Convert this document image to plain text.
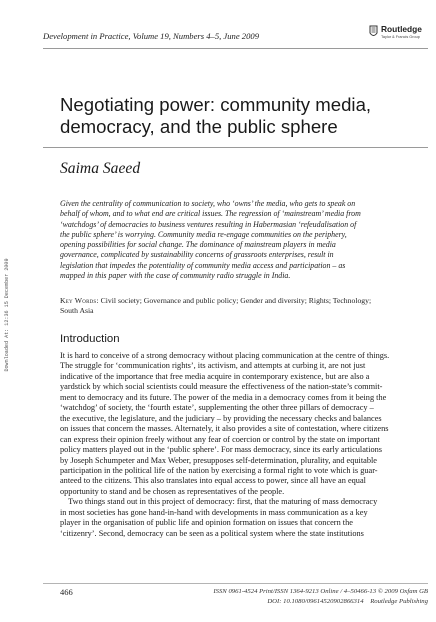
Development in Practice, Volume 19, Numbers 4–5, June 2009
Routledge
Taylor & Francis Group
Downloaded At: 12:36 15 December 2009
Negotiating power: community media,
democracy, and the public sphere
Saima Saeed
Given the centrality of communication to society, who ‘owns’ the media, who gets to speak on
behalf of whom, and to what end are critical issues. The regression of ‘mainstream’ media from
‘watchdogs’ of democracies to business ventures resulting in Habermasian ‘refeudalisation of
the public sphere’ is worrying. Community media re-engage communities on the periphery,
opening possibilities for social change. The dominance of mainstream players in media
governance, complicated by sustainability concerns of grassroots enterprises, result in
legislation that impedes the potentiality of community media access and participation – as
mapped in this paper with the case of community radio struggle in India.
Key Words: Civil society; Governance and public policy; Gender and diversity; Rights; Technology;
South Asia
Introduction
It is hard to conceive of a strong democracy without placing communication at the centre of things.
The struggle for ‘communication rights’, its activism, and attempts at curbing it, are not just
indicative of the importance that free media acquire in contemporary existence, but are also a
yardstick by which social scientists could measure the effectiveness of the nation-state’s commit-
ment to democracy and its future. The power of the media in a democracy comes from it being the
‘watchdog’ of society, the ‘fourth estate’, supplementing the other three pillars of democracy –
the executive, the legislature, and the judiciary – by providing the necessary checks and balances
on issues that concern the masses. Alternately, it also provides a site of contestation, where citizens
can express their opinion freely without any fear of coercion or control by the state on important
policy matters played out in the ‘public sphere’. For mass democracy, since its early articulations
by Joseph Schumpeter and Max Weber, presupposes self-determination, plurality, and equitable
participation in the political life of the nation by exercising a formal right to vote which is guar-
anteed to the citizens. This also translates into equal access to power, since all have an equal
opportunity to stand and be chosen as representatives of the people.
Two things stand out in this project of democracy: first, that the maturing of mass democracy
in most societies has gone hand-in-hand with developments in mass communication as a key
player in the organisation of public life and opinion formation on issues that concern the
‘citizenry’. Second, democracy can be seen as a political system where the state institutions
466	ISSN 0961-4524 Print/ISSN 1364-9213 Online / 4–50466-13 © 2009 Oxfam GB
DOI: 10.1080/09614520902866314    Routledge Publishing
